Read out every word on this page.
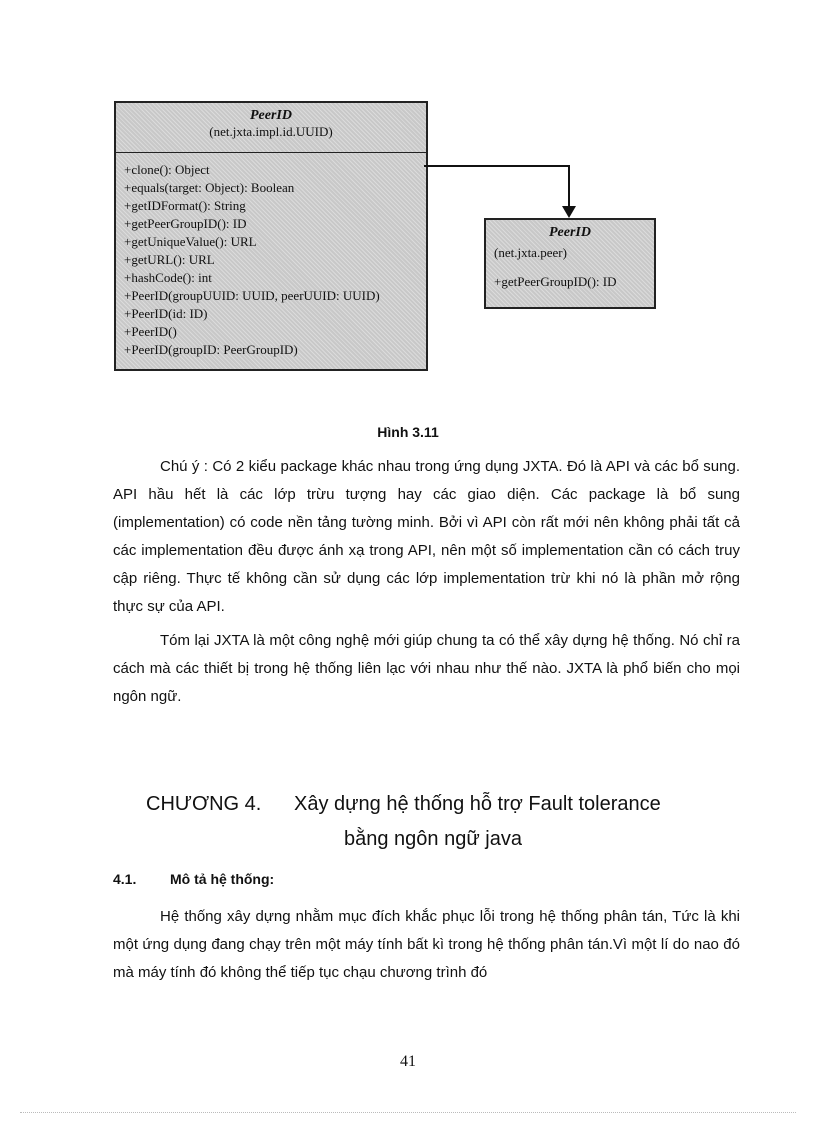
PeerID
(net.jxta.impl.id.UUID)
+clone(): Object
+equals(target: Object): Boolean
+getIDFormat(): String
+getPeerGroupID(): ID
+getUniqueValue(): URL
+getURL(): URL
+hashCode(): int
+PeerID(groupUUID: UUID, peerUUID: UUID)
+PeerID(id: ID)
+PeerID()
+PeerID(groupID: PeerGroupID)
PeerID
(net.jxta.peer)
+getPeerGroupID(): ID
Hình 3.11
Chú ý : Có 2 kiểu package khác nhau trong ứng dụng JXTA. Đó là API và các bổ sung. API hầu hết là các lớp trừu tượng hay các giao diện. Các package là bổ sung (implementation) có code nền tảng tường minh. Bởi vì API còn rất mới nên không phải tất cả các implementation đều được ánh xạ trong API, nên một số implementation cần có cách truy cập riêng. Thực tế không cần sử dụng các lớp implementation trừ khi nó là phần mở rộng thực sự của API.
Tóm lại JXTA là một công nghệ mới giúp chung ta có thể xây dựng hệ thống. Nó chỉ ra cách mà các thiết bị trong hệ thống liên lạc với nhau như thế nào. JXTA là phổ biến cho mọi ngôn ngữ.
CHƯƠNG 4. Xây dựng hệ thống hỗ trợ Fault tolerance
bằng ngôn ngữ java
4.1. Mô tả hệ thống:
Hệ thống xây dựng nhằm mục đích khắc phục lỗi trong hệ thống phân tán, Tức là khi một ứng dụng đang chạy trên một máy tính bất kì trong hệ thống phân tán.Vì một lí do nao đó mà máy tính đó không thể tiếp tục chạu chương trình đó
41
